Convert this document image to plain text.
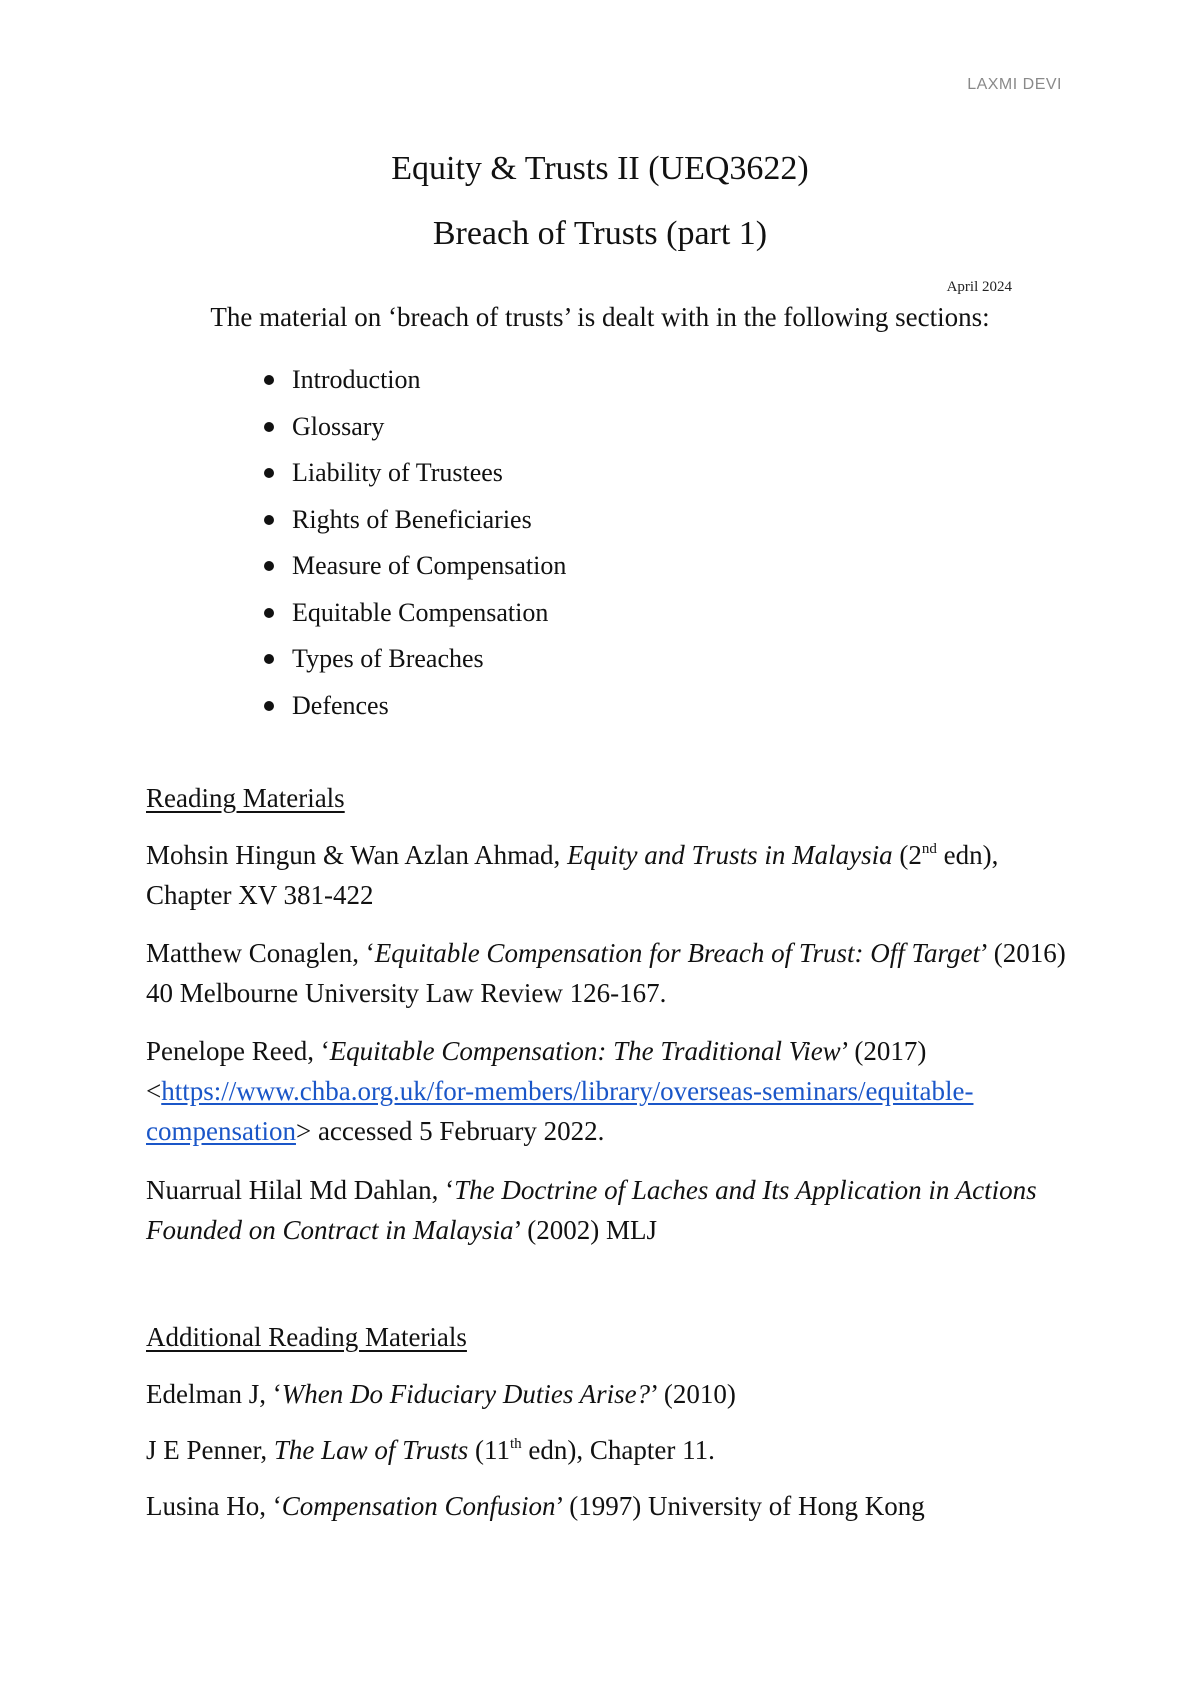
LAXMI DEVI
Equity & Trusts II (UEQ3622)
Breach of Trusts (part 1)
April 2024
The material on ‘breach of trusts’ is dealt with in the following sections:
Introduction
Glossary
Liability of Trustees
Rights of Beneficiaries
Measure of Compensation
Equitable Compensation
Types of Breaches
Defences
Reading Materials
Mohsin Hingun & Wan Azlan Ahmad, Equity and Trusts in Malaysia (2nd edn), Chapter XV 381-422
Matthew Conaglen, ‘Equitable Compensation for Breach of Trust: Off Target’ (2016) 40 Melbourne University Law Review 126-167.
Penelope Reed, ‘Equitable Compensation: The Traditional View’ (2017) <https://www.chba.org.uk/for-members/library/overseas-seminars/equitable-compensation> accessed 5 February 2022.
Nuarrual Hilal Md Dahlan, ‘The Doctrine of Laches and Its Application in Actions Founded on Contract in Malaysia’ (2002) MLJ
Additional Reading Materials
Edelman J, ‘When Do Fiduciary Duties Arise?’ (2010)
J E Penner, The Law of Trusts (11th edn), Chapter 11.
Lusina Ho, ‘Compensation Confusion’ (1997) University of Hong Kong
